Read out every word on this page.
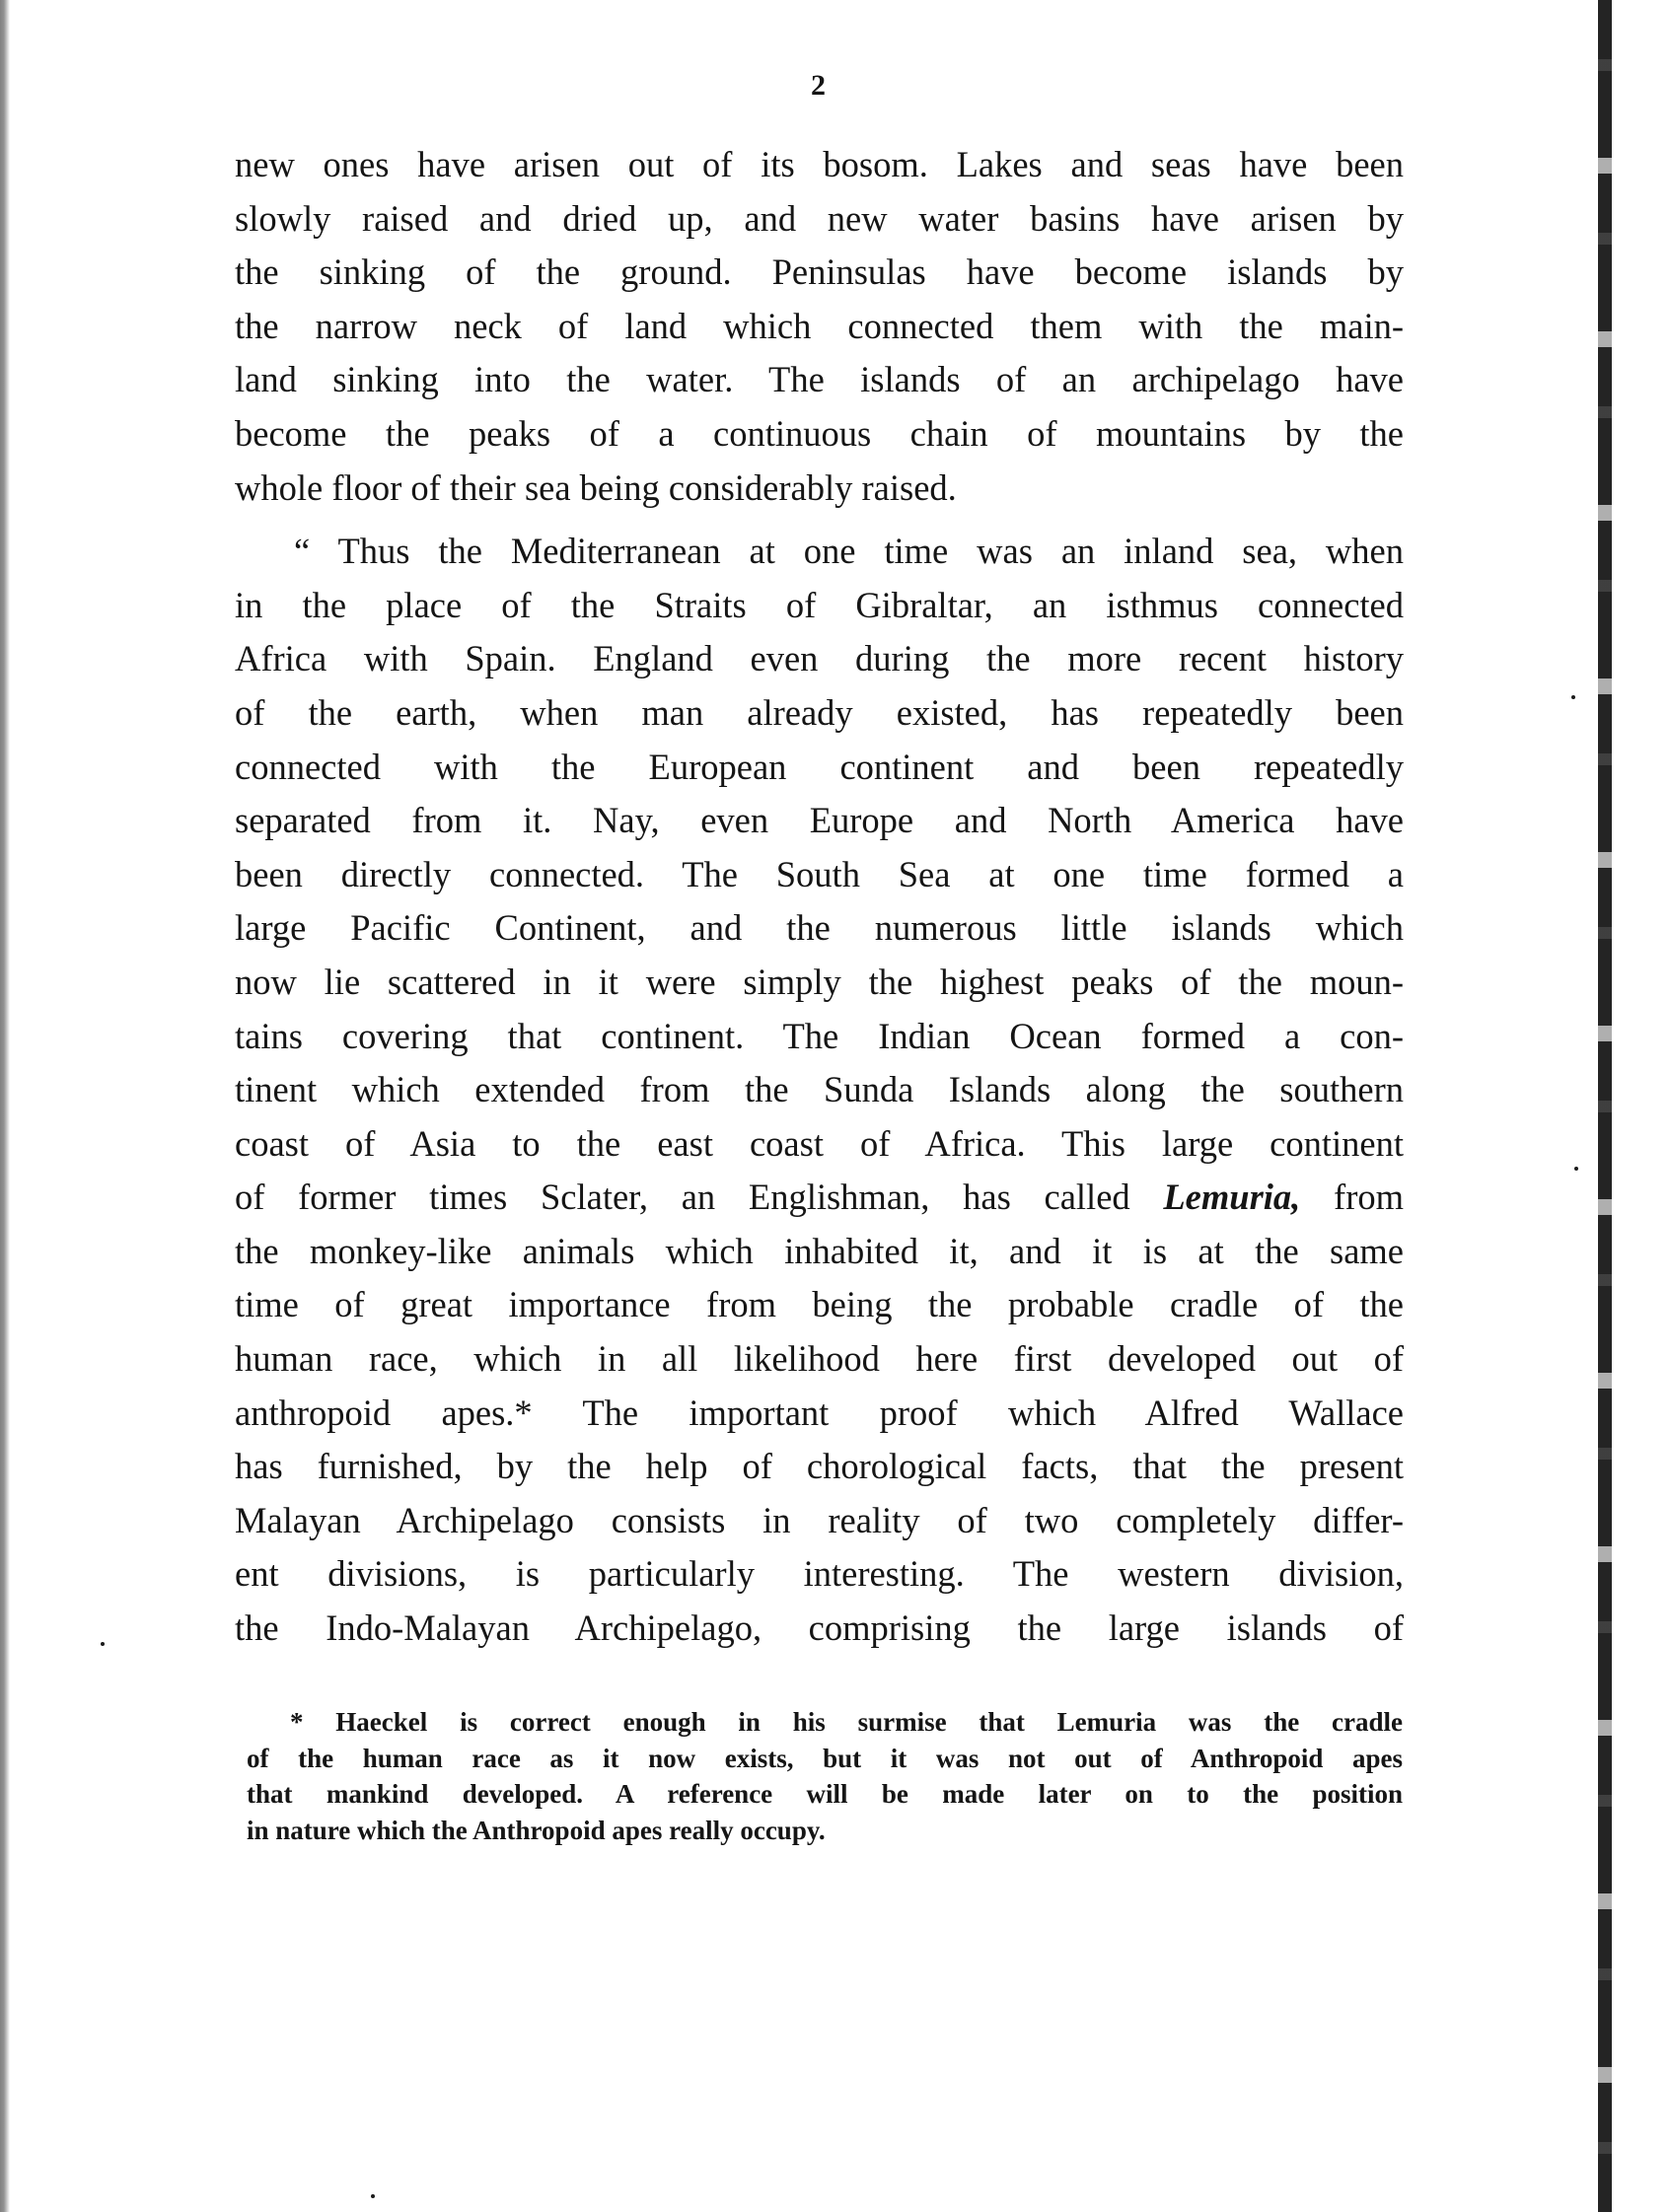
2
new ones have arisen out of its bosom. Lakes and seas have been
slowly raised and dried up, and new water basins have arisen by
the sinking of the ground. Peninsulas have become islands by
the narrow neck of land which connected them with the main-
land sinking into the water. The islands of an archipelago have
become the peaks of a continuous chain of mountains by the
whole floor of their sea being considerably raised.
“ Thus the Mediterranean at one time was an inland sea, when
in the place of the Straits of Gibraltar, an isthmus connected
Africa with Spain. England even during the more recent history
of the earth, when man already existed, has repeatedly been
connected with the European continent and been repeatedly
separated from it. Nay, even Europe and North America have
been directly connected. The South Sea at one time formed a
large Pacific Continent, and the numerous little islands which
now lie scattered in it were simply the highest peaks of the moun-
tains covering that continent. The Indian Ocean formed a con-
tinent which extended from the Sunda Islands along the southern
coast of Asia to the east coast of Africa. This large continent
of former times Sclater, an Englishman, has called Lemuria, from
the monkey-like animals which inhabited it, and it is at the same
time of great importance from being the probable cradle of the
human race, which in all likelihood here first developed out of
anthropoid apes.* The important proof which Alfred Wallace
has furnished, by the help of chorological facts, that the present
Malayan Archipelago consists in reality of two completely differ-
ent divisions, is particularly interesting. The western division,
the Indo-Malayan Archipelago, comprising the large islands of
* Haeckel is correct enough in his surmise that Lemuria was the cradle
of the human race as it now exists, but it was not out of Anthropoid apes
that mankind developed. A reference will be made later on to the position
in nature which the Anthropoid apes really occupy.
